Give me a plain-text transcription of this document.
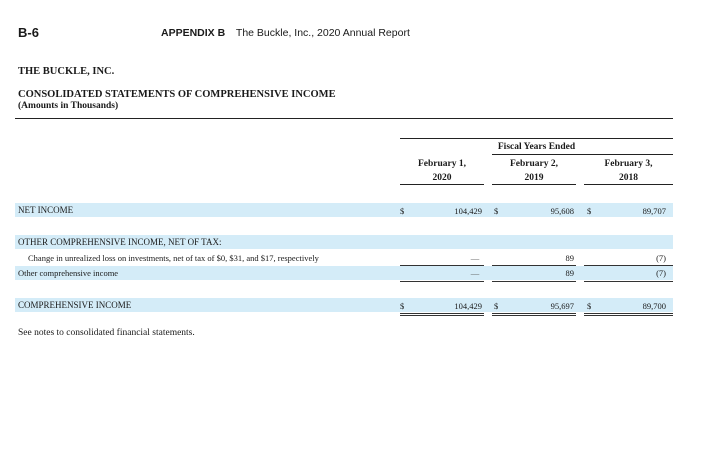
B-6	APPENDIX B The Buckle, Inc., 2020 Annual Report
THE BUCKLE, INC.
CONSOLIDATED STATEMENTS OF COMPREHENSIVE INCOME
(Amounts in Thousands)
Fiscal Years Ended
February 1,
2020
February 2,
2019
February 3,
2018
NET INCOME	$	104,429 $	95,608 $	89,707
OTHER COMPREHENSIVE INCOME, NET OF TAX:
Change in unrealized loss on investments, net of tax of $0, $31, and $17, respectively	—	89	(7)
Other comprehensive income	—	89	(7)
COMPREHENSIVE INCOME	$	104,429 $	95,697 $	89,700
See notes to consolidated financial statements.
